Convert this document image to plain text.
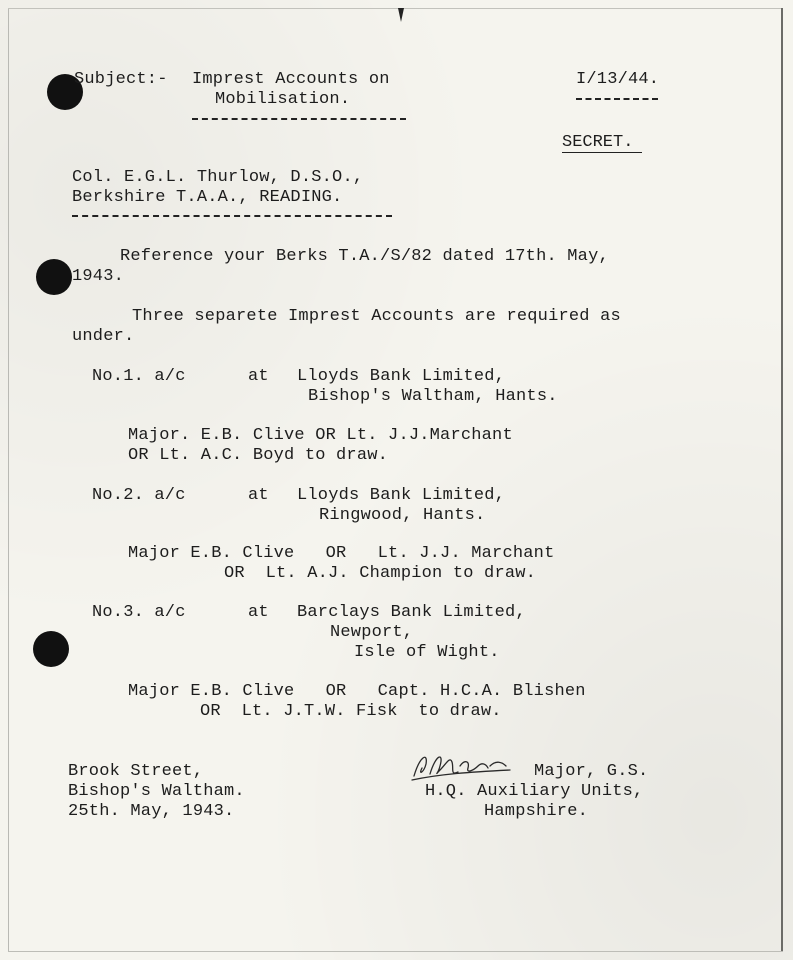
Subject:- Imprest Accounts on
Mobilisation.
I/13/44.
SECRET.
Col. E.G.L. Thurlow, D.S.O.,
Berkshire T.A.A., READING.
Reference your Berks T.A./S/82 dated 17th. May,
1943.
Three separete Imprest Accounts are required as
under.
No.1. a/c	at Lloyds Bank Limited,
Bishop's Waltham, Hants.
Major. E.B. Clive OR Lt. J.J.Marchant
OR Lt. A.C. Boyd to draw.
No.2. a/c	at Lloyds Bank Limited,
Ringwood, Hants.
Major E.B. Clive   OR   Lt. J.J. Marchant
OR  Lt. A.J. Champion to draw.
No.3. a/c	at Barclays Bank Limited,
Newport,
Isle of Wight.
Major E.B. Clive   OR   Capt. H.C.A. Blishen
OR  Lt. J.T.W. Fisk  to draw.
Brook Street,
Bishop's Waltham.
25th. May, 1943.
Major, G.S.
H.Q. Auxiliary Units,
Hampshire.
